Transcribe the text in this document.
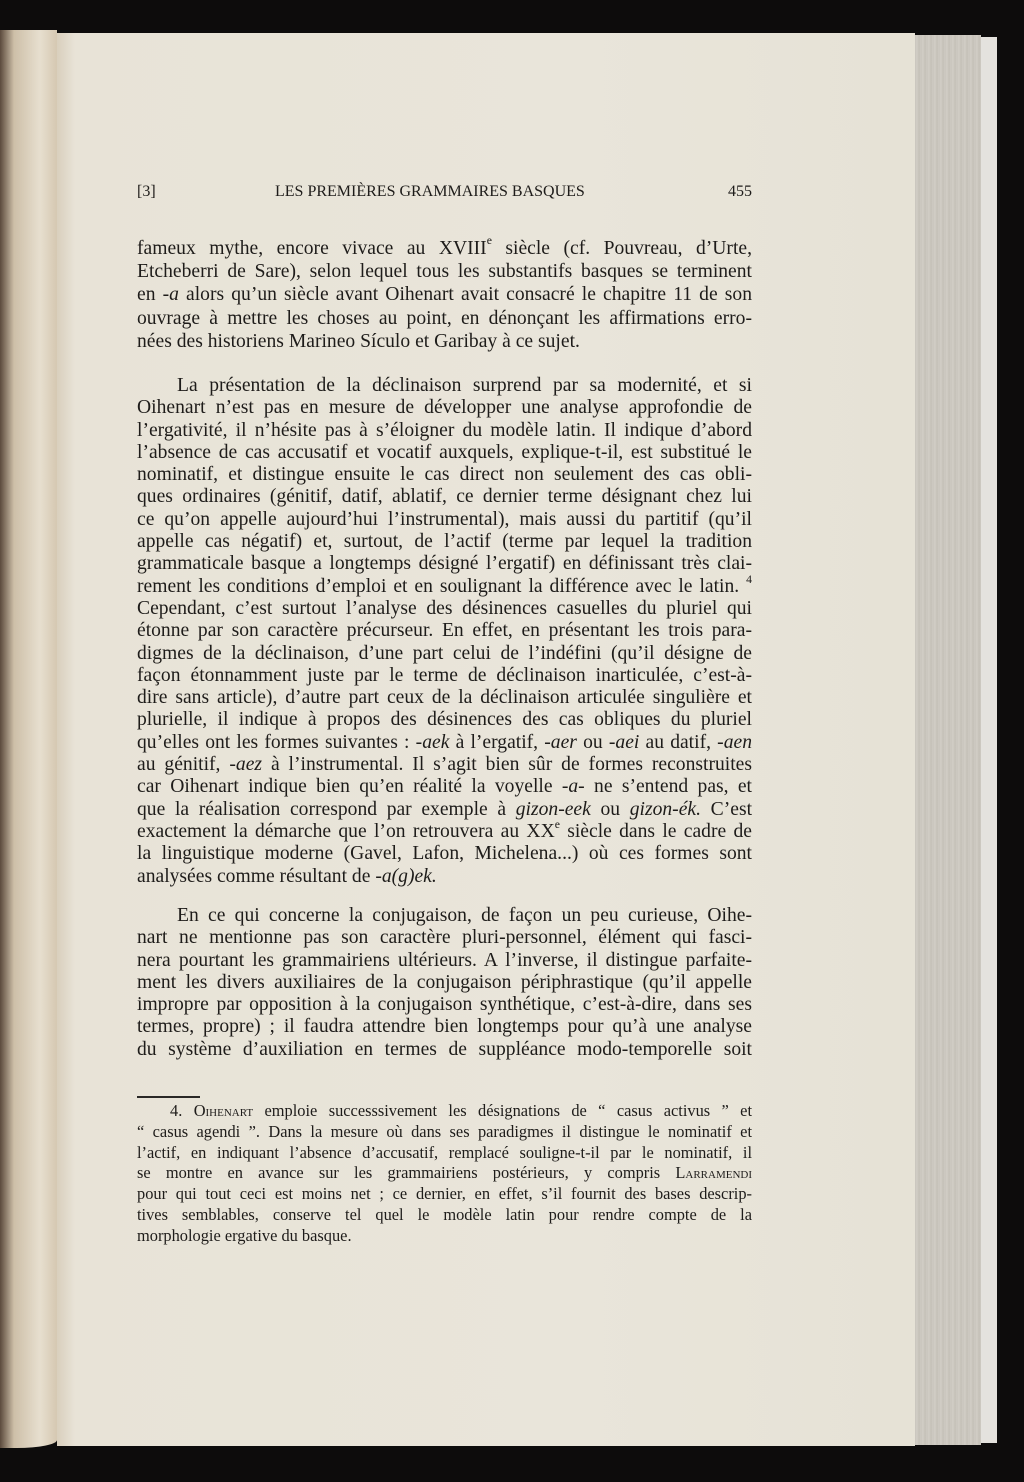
[3]	LES PREMIÈRES GRAMMAIRES BASQUES	455
fameux mythe, encore vivace au XVIIIe siècle (cf. Pouvreau, d’Urte,
Etcheberri de Sare), selon lequel tous les substantifs basques se terminent
en -a alors qu’un siècle avant Oihenart avait consacré le chapitre 11 de son
ouvrage à mettre les choses au point, en dénonçant les affirmations erro-
nées des historiens Marineo Sículo et Garibay à ce sujet.
La présentation de la déclinaison surprend par sa modernité, et si
Oihenart n’est pas en mesure de développer une analyse approfondie de
l’ergativité, il n’hésite pas à s’éloigner du modèle latin. Il indique d’abord
l’absence de cas accusatif et vocatif auxquels, explique-t-il, est substitué le
nominatif, et distingue ensuite le cas direct non seulement des cas obli-
ques ordinaires (génitif, datif, ablatif, ce dernier terme désignant chez lui
ce qu’on appelle aujourd’hui l’instrumental), mais aussi du partitif (qu’il
appelle cas négatif) et, surtout, de l’actif (terme par lequel la tradition
grammaticale basque a longtemps désigné l’ergatif) en définissant très clai-
rement les conditions d’emploi et en soulignant la différence avec le latin. $^4$
Cependant, c’est surtout l’analyse des désinences casuelles du pluriel qui
étonne par son caractère précurseur. En effet, en présentant les trois para-
digmes de la déclinaison, d’une part celui de l’indéfini (qu’il désigne de
façon étonnamment juste par le terme de déclinaison inarticulée, c’est-à-
dire sans article), d’autre part ceux de la déclinaison articulée singulière et
plurielle, il indique à propos des désinences des cas obliques du pluriel
qu’elles ont les formes suivantes : -aek à l’ergatif, -aer ou -aei au datif, -aen
au génitif, -aez à l’instrumental. Il s’agit bien sûr de formes reconstruites
car Oihenart indique bien qu’en réalité la voyelle -a- ne s’entend pas, et
que la réalisation correspond par exemple à gizon-eek ou gizon-ék. C’est
exactement la démarche que l’on retrouvera au XXe siècle dans le cadre de
la linguistique moderne (Gavel, Lafon, Michelena...) où ces formes sont
analysées comme résultant de -a(g)ek.
En ce qui concerne la conjugaison, de façon un peu curieuse, Oihe-
nart ne mentionne pas son caractère pluri-personnel, élément qui fasci-
nera pourtant les grammairiens ultérieurs. A l’inverse, il distingue parfaite-
ment les divers auxiliaires de la conjugaison périphrastique (qu’il appelle
impropre par opposition à la conjugaison synthétique, c’est-à-dire, dans ses
termes, propre) ; il faudra attendre bien longtemps pour qu’à une analyse
du système d’auxiliation en termes de suppléance modo-temporelle soit
4. Oihenart emploie successsivement les désignations de “ casus activus ” et
“ casus agendi ”. Dans la mesure où dans ses paradigmes il distingue le nominatif et
l’actif, en indiquant l’absence d’accusatif, remplacé souligne-t-il par le nominatif, il
se montre en avance sur les grammairiens postérieurs, y compris Larramendi
pour qui tout ceci est moins net ; ce dernier, en effet, s’il fournit des bases descrip-
tives semblables, conserve tel quel le modèle latin pour rendre compte de la
morphologie ergative du basque.
